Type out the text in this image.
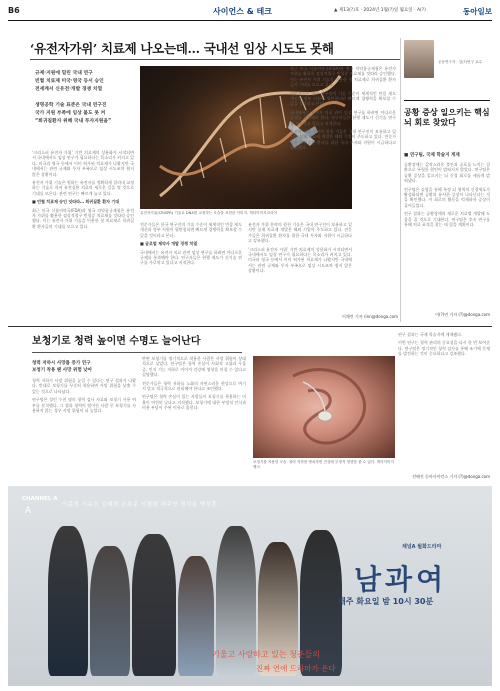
B6	사이언스 & 테크	▲ 제13(?)호 · 2024년 1월(?)일 월요일 · A(?)	동아일보
‘유전자가위’ 치료제 나오는데… 국내선 임상 시도도 못해
규제·지원에 밀린 국내 연구
빈혈 치료제 미국·영국 등서 승인
전세계서 신유전·개발 경쟁 치열
생명공학 기술 표준은 국내 연구진
국가 지원 부족에 임상 불도 못 켜
“희귀질환자 위해 국내 투자지원을”

‘크리스퍼 유전자 가위’ 기반 치료제의 상용화가 시작되면서 국내에서도 임상 연구가 필요하다는 목소리가 커지고 있다. 미국과 영국 등에서 이미 허가된 치료제가 나왔지만 국내에서는 관련 규제와 투자 부족으로 임상 시도조차 쉽지 않은 상황이다.

유전자 가위 기술은 원하는 유전자를 정확하게 잘라내 교정하는 기술로 희귀 유전질환 치료의 새로운 길을 열 것으로 기대를 모은다. 관련 연구는 빠르게 늘고 있다.

■ 빈혈 치료제 승인 잇따라… 희귀질환 환자 기대

최근 미국 식품의약국(FDA)과 영국 의약품규제청은 유전자 가위를 활용한 겸상적혈구 빈혈증 치료제를 잇따라 승인했다. 이는 유전자 가위 기술을 이용한 첫 치료제로 희귀질환 환자들의 기대를 모으고 있다.

유전자가위(CRISPR) 기술로 DNA를 교정하는 모습을 표현한 이미지. 게티이미지코리아

전문가들은 한국 연구진의 기술 수준이 세계적인 만큼 제도 개선과 정부 지원이 뒷받침되면 빠르게 경쟁력을 확보할 수 있을 것이라고 본다.

■ 글로벌 제약사 개발 경쟁 치열

국내에서는 유전자 치료 관련 임상 연구를 하려면 까다로운 규제를 통과해야 한다. 연구자들은 현행 제도가 신기술 연구를 가로막고 있다고 지적한다.

유전자 가위 분야의 원천 기술은 국내 연구진이 보유하고 있지만 실제 치료제 개발은 해외 기업이 주도하고 있다. 전문가들은 희귀질환 환자를 위한 국내 투자와 지원이 시급하다고 강조했다.

‘크리스퍼 유전자 가위’ 기반 치료제의 상용화가 시작되면서 국내에서도 임상 연구가 필요하다는 목소리가 커지고 있다. 미국과 영국 등에서 이미 허가된 치료제가 나왔지만 국내에서는 관련 규제와 투자 부족으로 임상 시도조차 쉽지 않은 상황이다.

최근 미국 식품의약국(FDA)과 영국 의약품규제청은 유전자 가위를 활용한 겸상적혈구 빈혈증 치료제를 잇따라 승인했다. 이는 유전자 가위 기술을 이용한 첫 치료제로 희귀질환 환자들의 기대를 모으고 있다.

전문가들은 한국 연구진의 기술 수준이 세계적인 만큼 제도 개선과 정부 지원이 뒷받침되면 빠르게 경쟁력을 확보할 수 있을 것이라고 본다.

국내에서는 유전자 치료 관련 임상 연구를 하려면 까다로운 규제를 통과해야 한다. 연구자들은 현행 제도가 신기술 연구를 가로막고 있다고 지적한다.

유전자 가위 분야의 원천 기술은 국내 연구진이 보유하고 있지만 실제 치료제 개발은 해외 기업이 주도하고 있다. 전문가들은 희귀질환 환자를 위한 국내 투자와 지원이 시급하다고 강조했다.

이채린 기자 rinn@donga.com
공동연구자 · 김(?)연구 교수
공황 증상 일으키는 핵심 뇌 회로 찾았다
■ 연구팀, 국제 학술지 게재

공황장애는 갑작스러운 불안과 공포를 느끼는 질환으로 뚜렷한 원인이 밝혀지지 않았다. 연구팀은 공황 증상을 일으키는 뇌 신경 회로를 새롭게 밝혀냈다.

연구팀은 실험을 통해 특정 뇌 영역의 신경세포가 활성화되면 공황과 유사한 증상이 나타난다는 것을 확인했다. 이 회로의 활동을 억제하자 증상이 줄어들었다.

연구 결과는 공황장애의 새로운 치료법 개발에 도움을 줄 것으로 기대된다. 연구팀은 후속 연구를 통해 치료 표적을 찾는 데 힘쓸 계획이다.

이(?)연 기자 (?)@donga.com
보청기로 청력 높이면 수명도 늘어난다
청력 저하시 사망률 증가 연구
보청기 착용 땐 사망 위험 낮아

청력 저하가 사망 위험을 높일 수 있다는 연구 결과가 나왔다. 반대로 보청기를 꾸준히 착용하면 사망 위험을 낮출 수 있는 것으로 나타났다.

연구팀은 성인 수천 명의 청력 검사 자료와 보청기 사용 여부를 분석했다. 그 결과 청력이 떨어진 사람 중 보청기를 사용하지 않는 경우 사망 위험이 더 높았다.

반면 보청기를 정기적으로 착용한 사람은 사망 위험이 상대적으로 낮았다. 연구팀은 청력 손실이 사회적 고립과 우울증, 인지 기능 저하로 이어져 건강에 영향을 미칠 수 있다고 설명했다.

전문가들은 청력 저하를 노화의 자연스러운 현상으로 여기지 말고 적극적으로 관리해야 한다고 조언했다.

연구팀은 청력 손실이 있는 사람들이 보청기를 착용하는 비율이 여전히 낮다고 지적했다. 보청기에 대한 부정적 인식과 비용 부담이 주된 이유로 꼽힌다.

보청기를 착용한 모습. 청력 저하를 방치하면 건강에 부정적 영향을 줄 수 있다. 게티이미지뱅크

연구 결과는 국제 학술지에 게재됐다.

이번 연구는 청력 관리의 중요성을 다시 한 번 보여준다. 연구팀은 정기적인 청력 검사를 통해 조기에 문제를 발견하는 것이 중요하다고 강조했다.

전혜진 동아사이언스 기자 (?)@donga.com
CHANNEL A
A
이종혁 이유진 김태희 손호준 이철희 차주영 정석용 박성훈
채널A 월화드라마
남과여
매주 화요일 밤 10시 30분
기울고 사랑하고 있는 청춘들의
진짜 연애 드라마가 온다
